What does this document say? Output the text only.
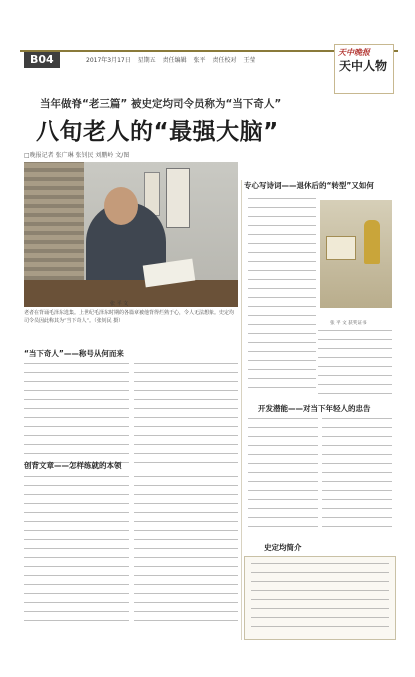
B04	2017年3月17日 星期五 责任编辑 张平 责任校对 王莹
天中晚报
天中人物
当年做脊“老三篇” 被史定均司令员称为“当下奇人”
八旬老人的“最强大脑”
□晚报记者 张广琳 张钊民 刘鹏岭 文/图
张 平 文
老者在背诵毛泽东选集。上世纪毛泽东时期的各篇章被他背得烂熟于心，令人无法想象。史定均司令员因此称其为“当下奇人”。（张钊民 摄）
“当下奇人”——称号从何而来
创背文章——怎样练就的本领
专心写诗词——退休后的“转型”又如何
张 平 文 获奖证书
开发潜能——对当下年轻人的忠告
史定均简介
